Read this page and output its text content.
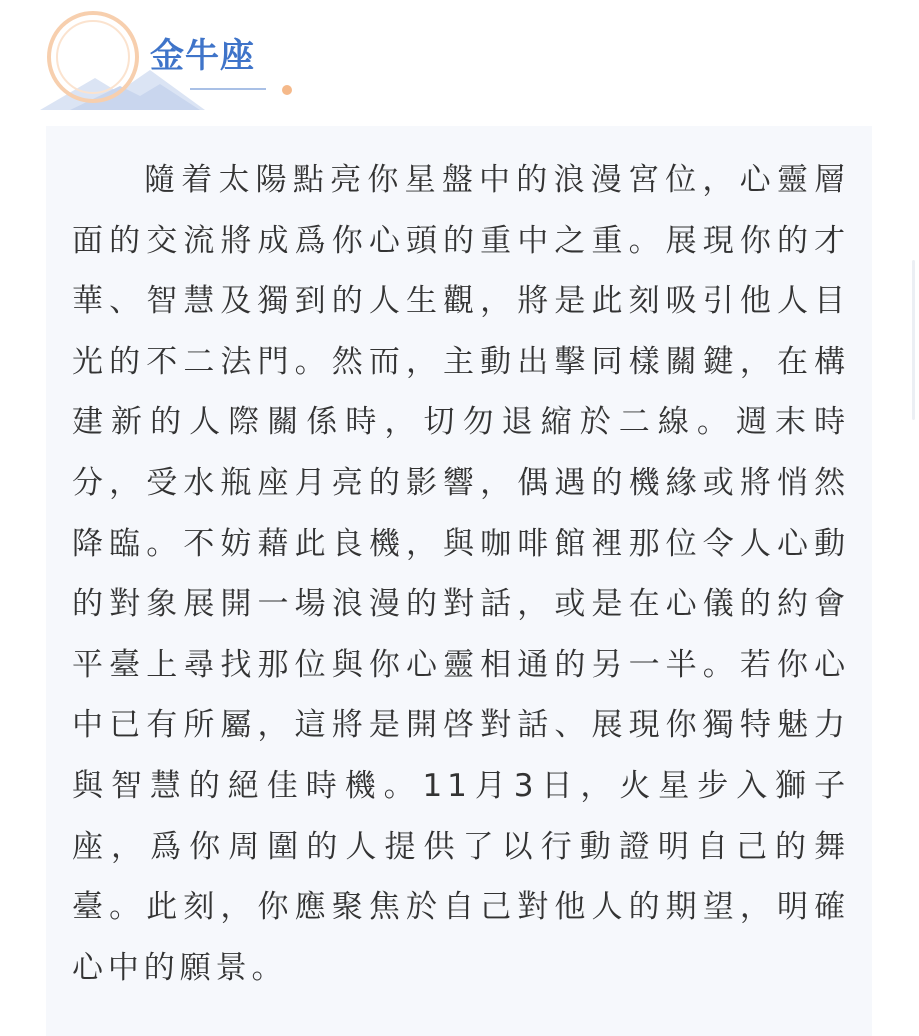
金牛座

隨着太陽點亮你星盤中的浪漫宮位，心靈層面的交流將成爲你心頭的重中之重。展現你的才華、智慧及獨到的人生觀，將是此刻吸引他人目光的不二法門。然而，主動出擊同樣關鍵，在構建新的人際關係時，切勿退縮於二線。週末時分，受水瓶座月亮的影響，偶遇的機緣或將悄然降臨。不妨藉此良機，與咖啡館裡那位令人心動的對象展開一場浪漫的對話，或是在心儀的約會平臺上尋找那位與你心靈相通的另一半。若你心中已有所屬，這將是開啓對話、展現你獨特魅力與智慧的絕佳時機。11月3日，火星步入獅子座，爲你周圍的人提供了以行動證明自己的舞臺。此刻，你應聚焦於自己對他人的期望，明確心中的願景。
